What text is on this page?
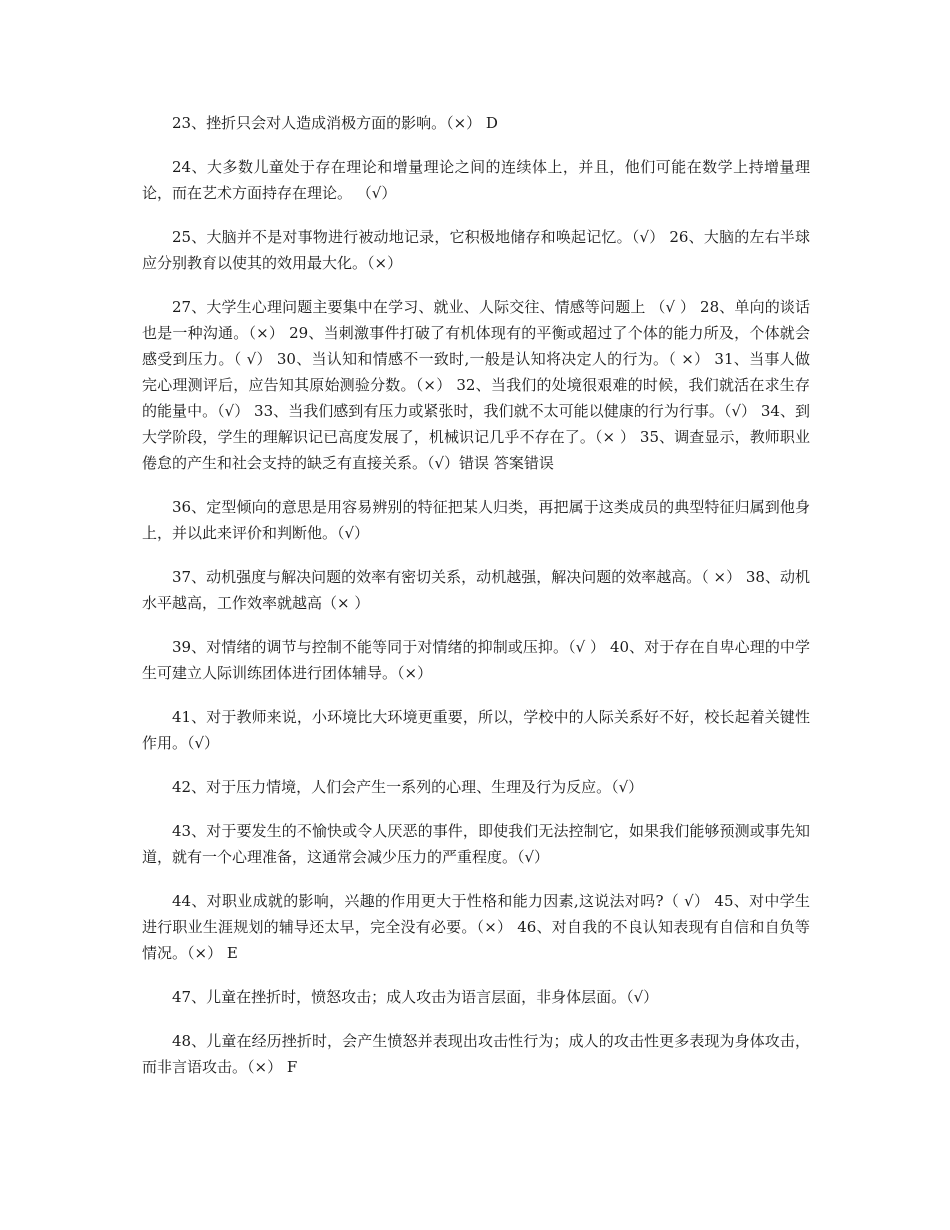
23、挫折只会对人造成消极方面的影响。（×） D

24、大多数儿童处于存在理论和增量理论之间的连续体上，并且，他们可能在数学上持增量理论，而在艺术方面持存在理论。 （√）

25、大脑并不是对事物进行被动地记录，它积极地储存和唤起记忆。（√） 26、大脑的左右半球应分别教育以使其的效用最大化。（×）

27、大学生心理问题主要集中在学习、就业、人际交往、情感等问题上 （√ ） 28、单向的谈话也是一种沟通。（×） 29、当刺激事件打破了有机体现有的平衡或超过了个体的能力所及，个体就会感受到压力。（ √） 30、当认知和情感不一致时,一般是认知将决定人的行为。（ ×） 31、当事人做完心理测评后，应告知其原始测验分数。（×） 32、当我们的处境很艰难的时候，我们就活在求生存的能量中。（√） 33、当我们感到有压力或紧张时，我们就不太可能以健康的行为行事。（√） 34、到大学阶段，学生的理解识记已高度发展了，机械识记几乎不存在了。（× ） 35、调查显示，教师职业倦怠的产生和社会支持的缺乏有直接关系。（√）错误 答案错误

36、定型倾向的意思是用容易辨别的特征把某人归类，再把属于这类成员的典型特征归属到他身上，并以此来评价和判断他。（√）

37、动机强度与解决问题的效率有密切关系，动机越强，解决问题的效率越高。（ ×） 38、动机水平越高，工作效率就越高（× ）

39、对情绪的调节与控制不能等同于对情绪的抑制或压抑。（√ ） 40、对于存在自卑心理的中学生可建立人际训练团体进行团体辅导。（×）

41、对于教师来说，小环境比大环境更重要，所以，学校中的人际关系好不好，校长起着关键性作用。（√）

42、对于压力情境，人们会产生一系列的心理、生理及行为反应。（√）

43、对于要发生的不愉快或令人厌恶的事件，即使我们无法控制它，如果我们能够预测或事先知道，就有一个心理准备，这通常会减少压力的严重程度。（√）

44、对职业成就的影响，兴趣的作用更大于性格和能力因素,这说法对吗?（ √） 45、对中学生进行职业生涯规划的辅导还太早，完全没有必要。（×） 46、对自我的不良认知表现有自信和自负等情况。（×） E

47、儿童在挫折时，愤怒攻击；成人攻击为语言层面，非身体层面。（√）

48、儿童在经历挫折时，会产生愤怒并表现出攻击性行为；成人的攻击性更多表现为身体攻击，而非言语攻击。（×） F
